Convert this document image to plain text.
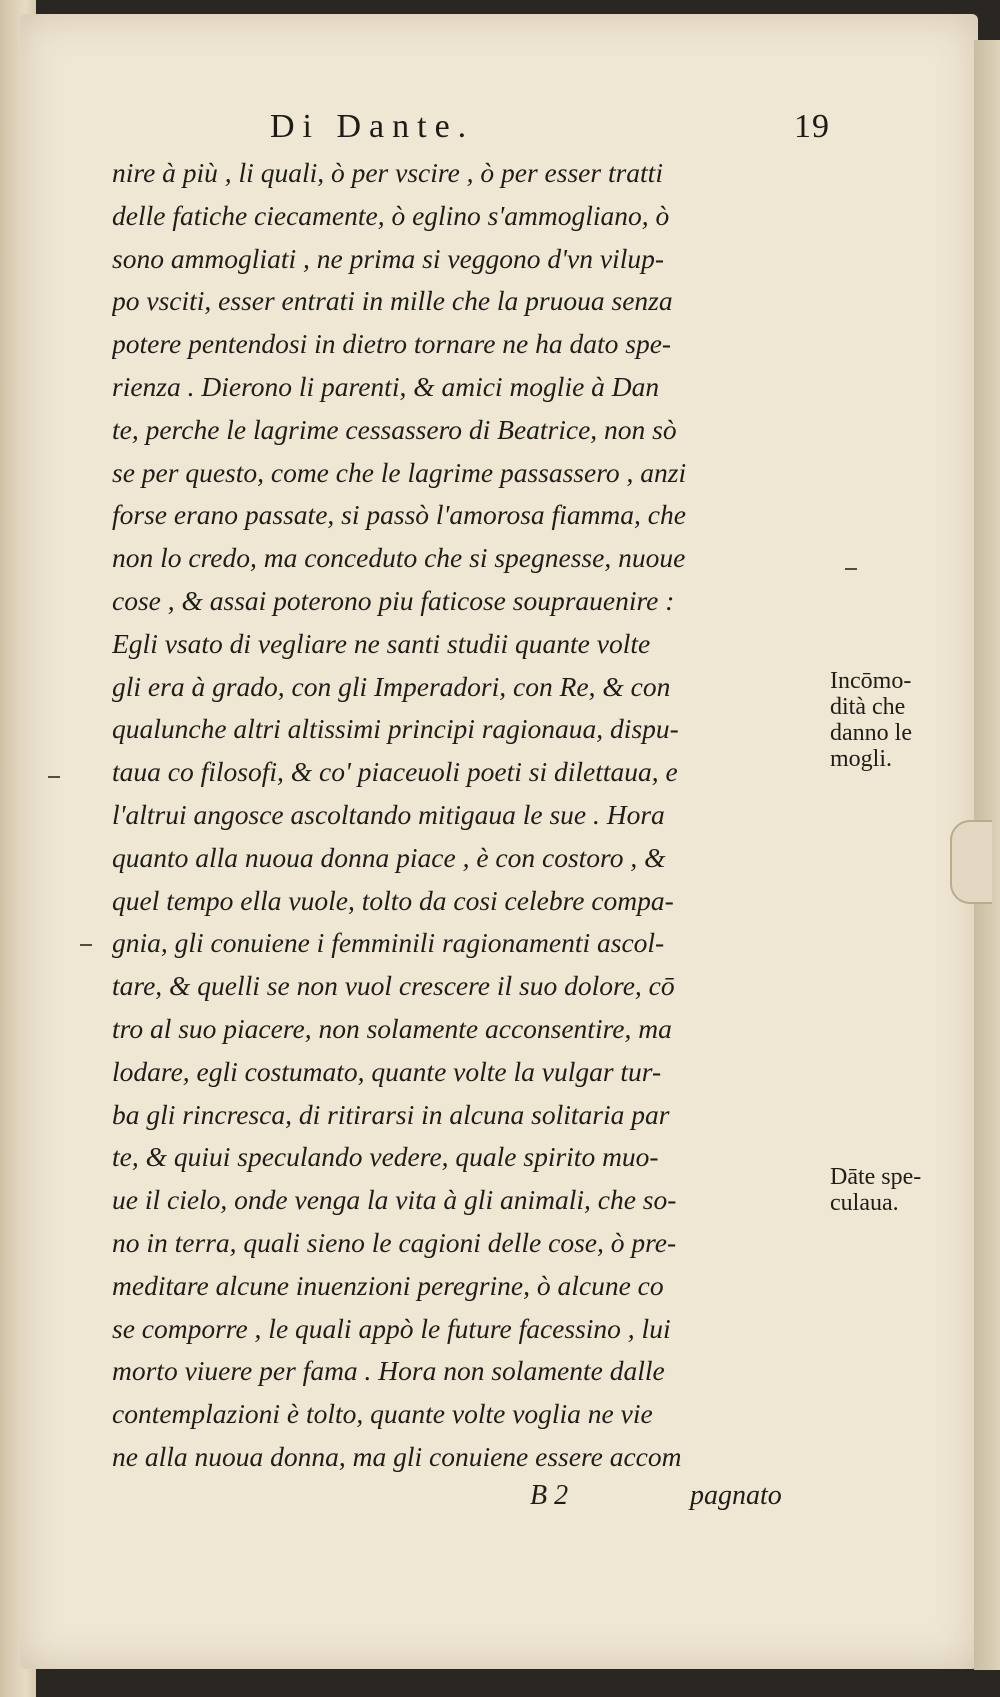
Di Dante.	19
nire à più , li quali, ò per vscire , ò per esser tratti
delle fatiche ciecamente, ò eglino s'ammogliano, ò
sono ammogliati , ne prima si veggono d'vn vilup-
po vsciti, esser entrati in mille che la pruoua senza
potere pentendosi in dietro tornare ne ha dato spe-
rienza . Dierono li parenti, & amici moglie à Dan
te, perche le lagrime cessassero di Beatrice, non sò
se per questo, come che le lagrime passassero , anzi
forse erano passate, si passò l'amorosa fiamma, che
non lo credo, ma conceduto che si spegnesse, nuoue
cose , & assai poterono piu faticose souprauenire :
Egli vsato di vegliare ne santi studii quante volte
gli era à grado, con gli Imperadori, con Re, & con
qualunche altri altissimi principi ragionaua, dispu-
taua co filosofi, & co' piaceuoli poeti si dilettaua, e
l'altrui angosce ascoltando mitigaua le sue . Hora
quanto alla nuoua donna piace , è con costoro , &
quel tempo ella vuole, tolto da cosi celebre compa-
gnia, gli conuiene i femminili ragionamenti ascol-
tare, & quelli se non vuol crescere il suo dolore, cō
tro al suo piacere, non solamente acconsentire, ma
lodare, egli costumato, quante volte la vulgar tur-
ba gli rincresca, di ritirarsi in alcuna solitaria par
te, & quiui speculando vedere, quale spirito muo-
ue il cielo, onde venga la vita à gli animali, che so-
no in terra, quali sieno le cagioni delle cose, ò pre-
meditare alcune inuenzioni peregrine, ò alcune co
se comporre , le quali appò le future facessino , lui
morto viuere per fama . Hora non solamente dalle
contemplazioni è tolto, quante volte voglia ne vie
ne alla nuoua donna, ma gli conuiene essere accom
Incōmo-
dità che
danno le
mogli.
Dāte spe-
culaua.
B 2	pagnato
